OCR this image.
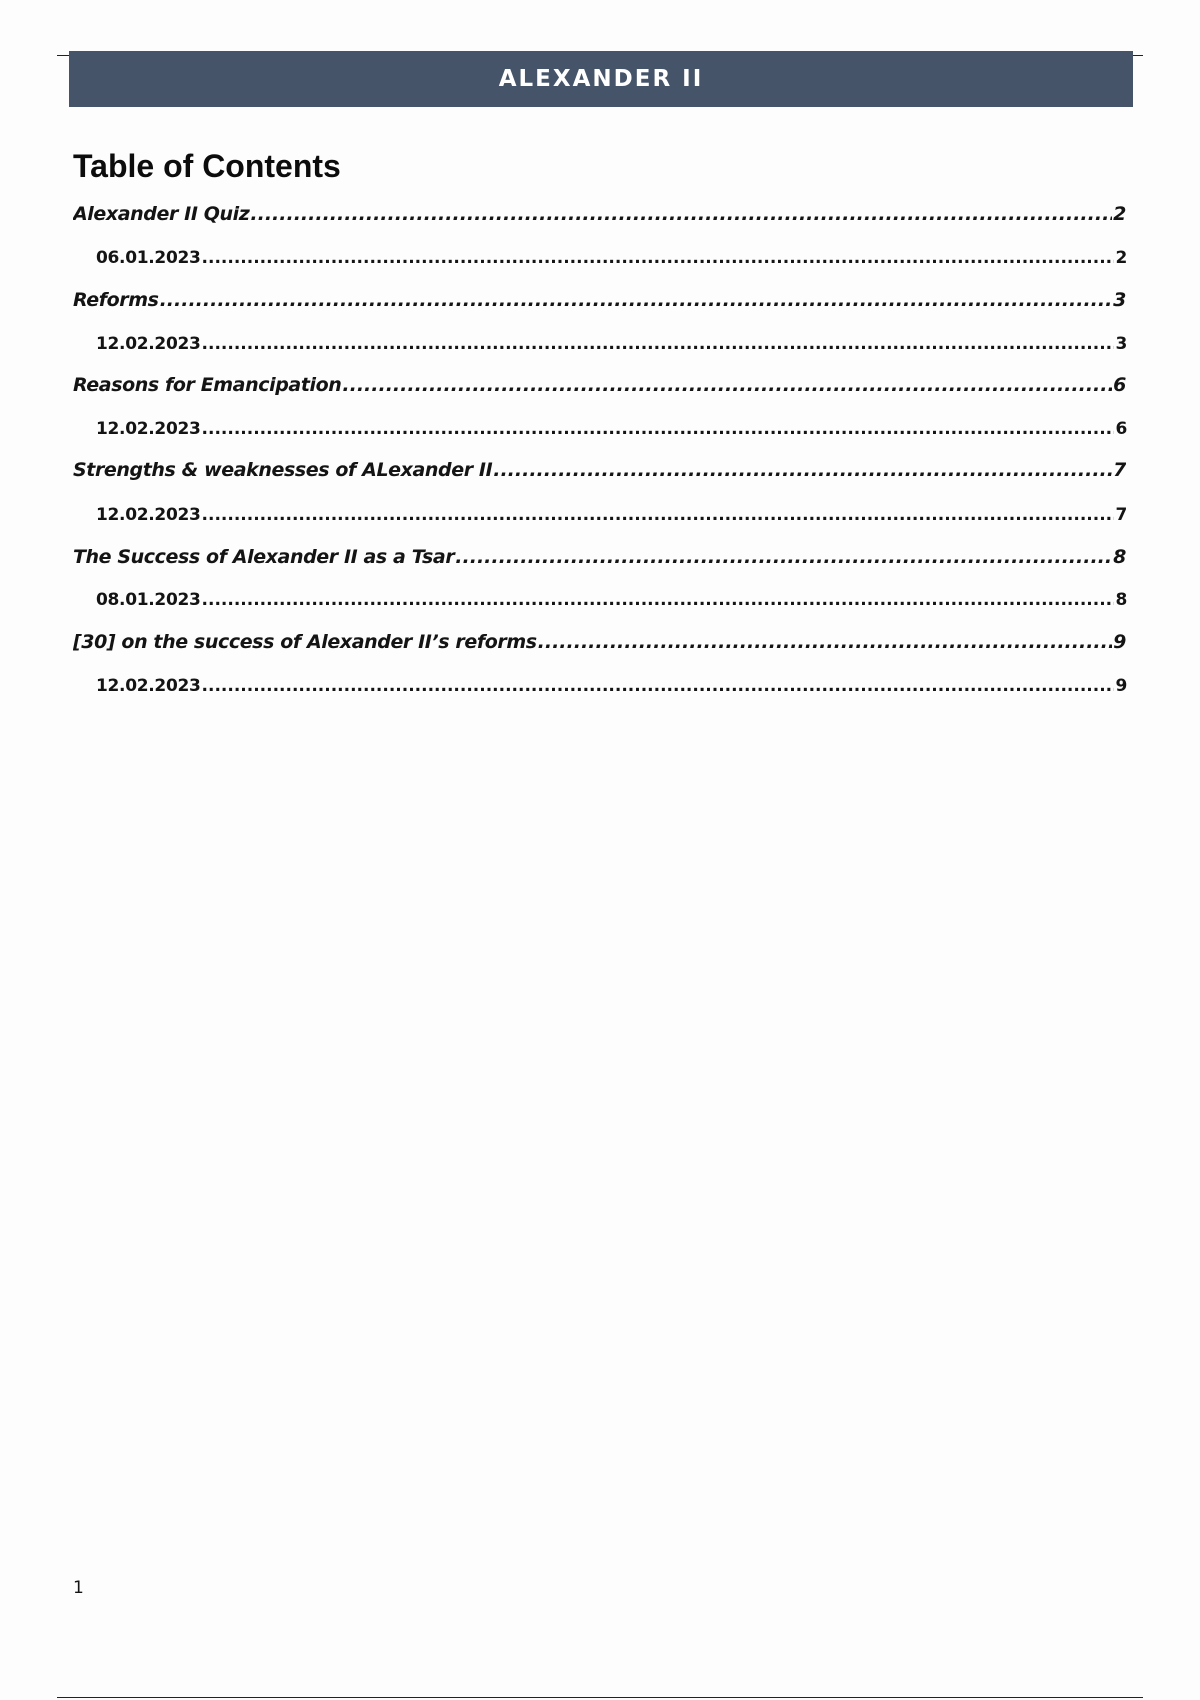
ALEXANDER II
Table of Contents
Alexander II Quiz .....	2
06.01.2023 .....	2
Reforms .....	3
12.02.2023 .....	3
Reasons for Emancipation .....	6
12.02.2023 .....	6
Strengths & weaknesses of ALexander II .....	7
12.02.2023 .....	7
The Success of Alexander II as a Tsar .....	8
08.01.2023 .....	8
[30] on the success of Alexander II’s reforms .....	9
12.02.2023 .....	9
1
